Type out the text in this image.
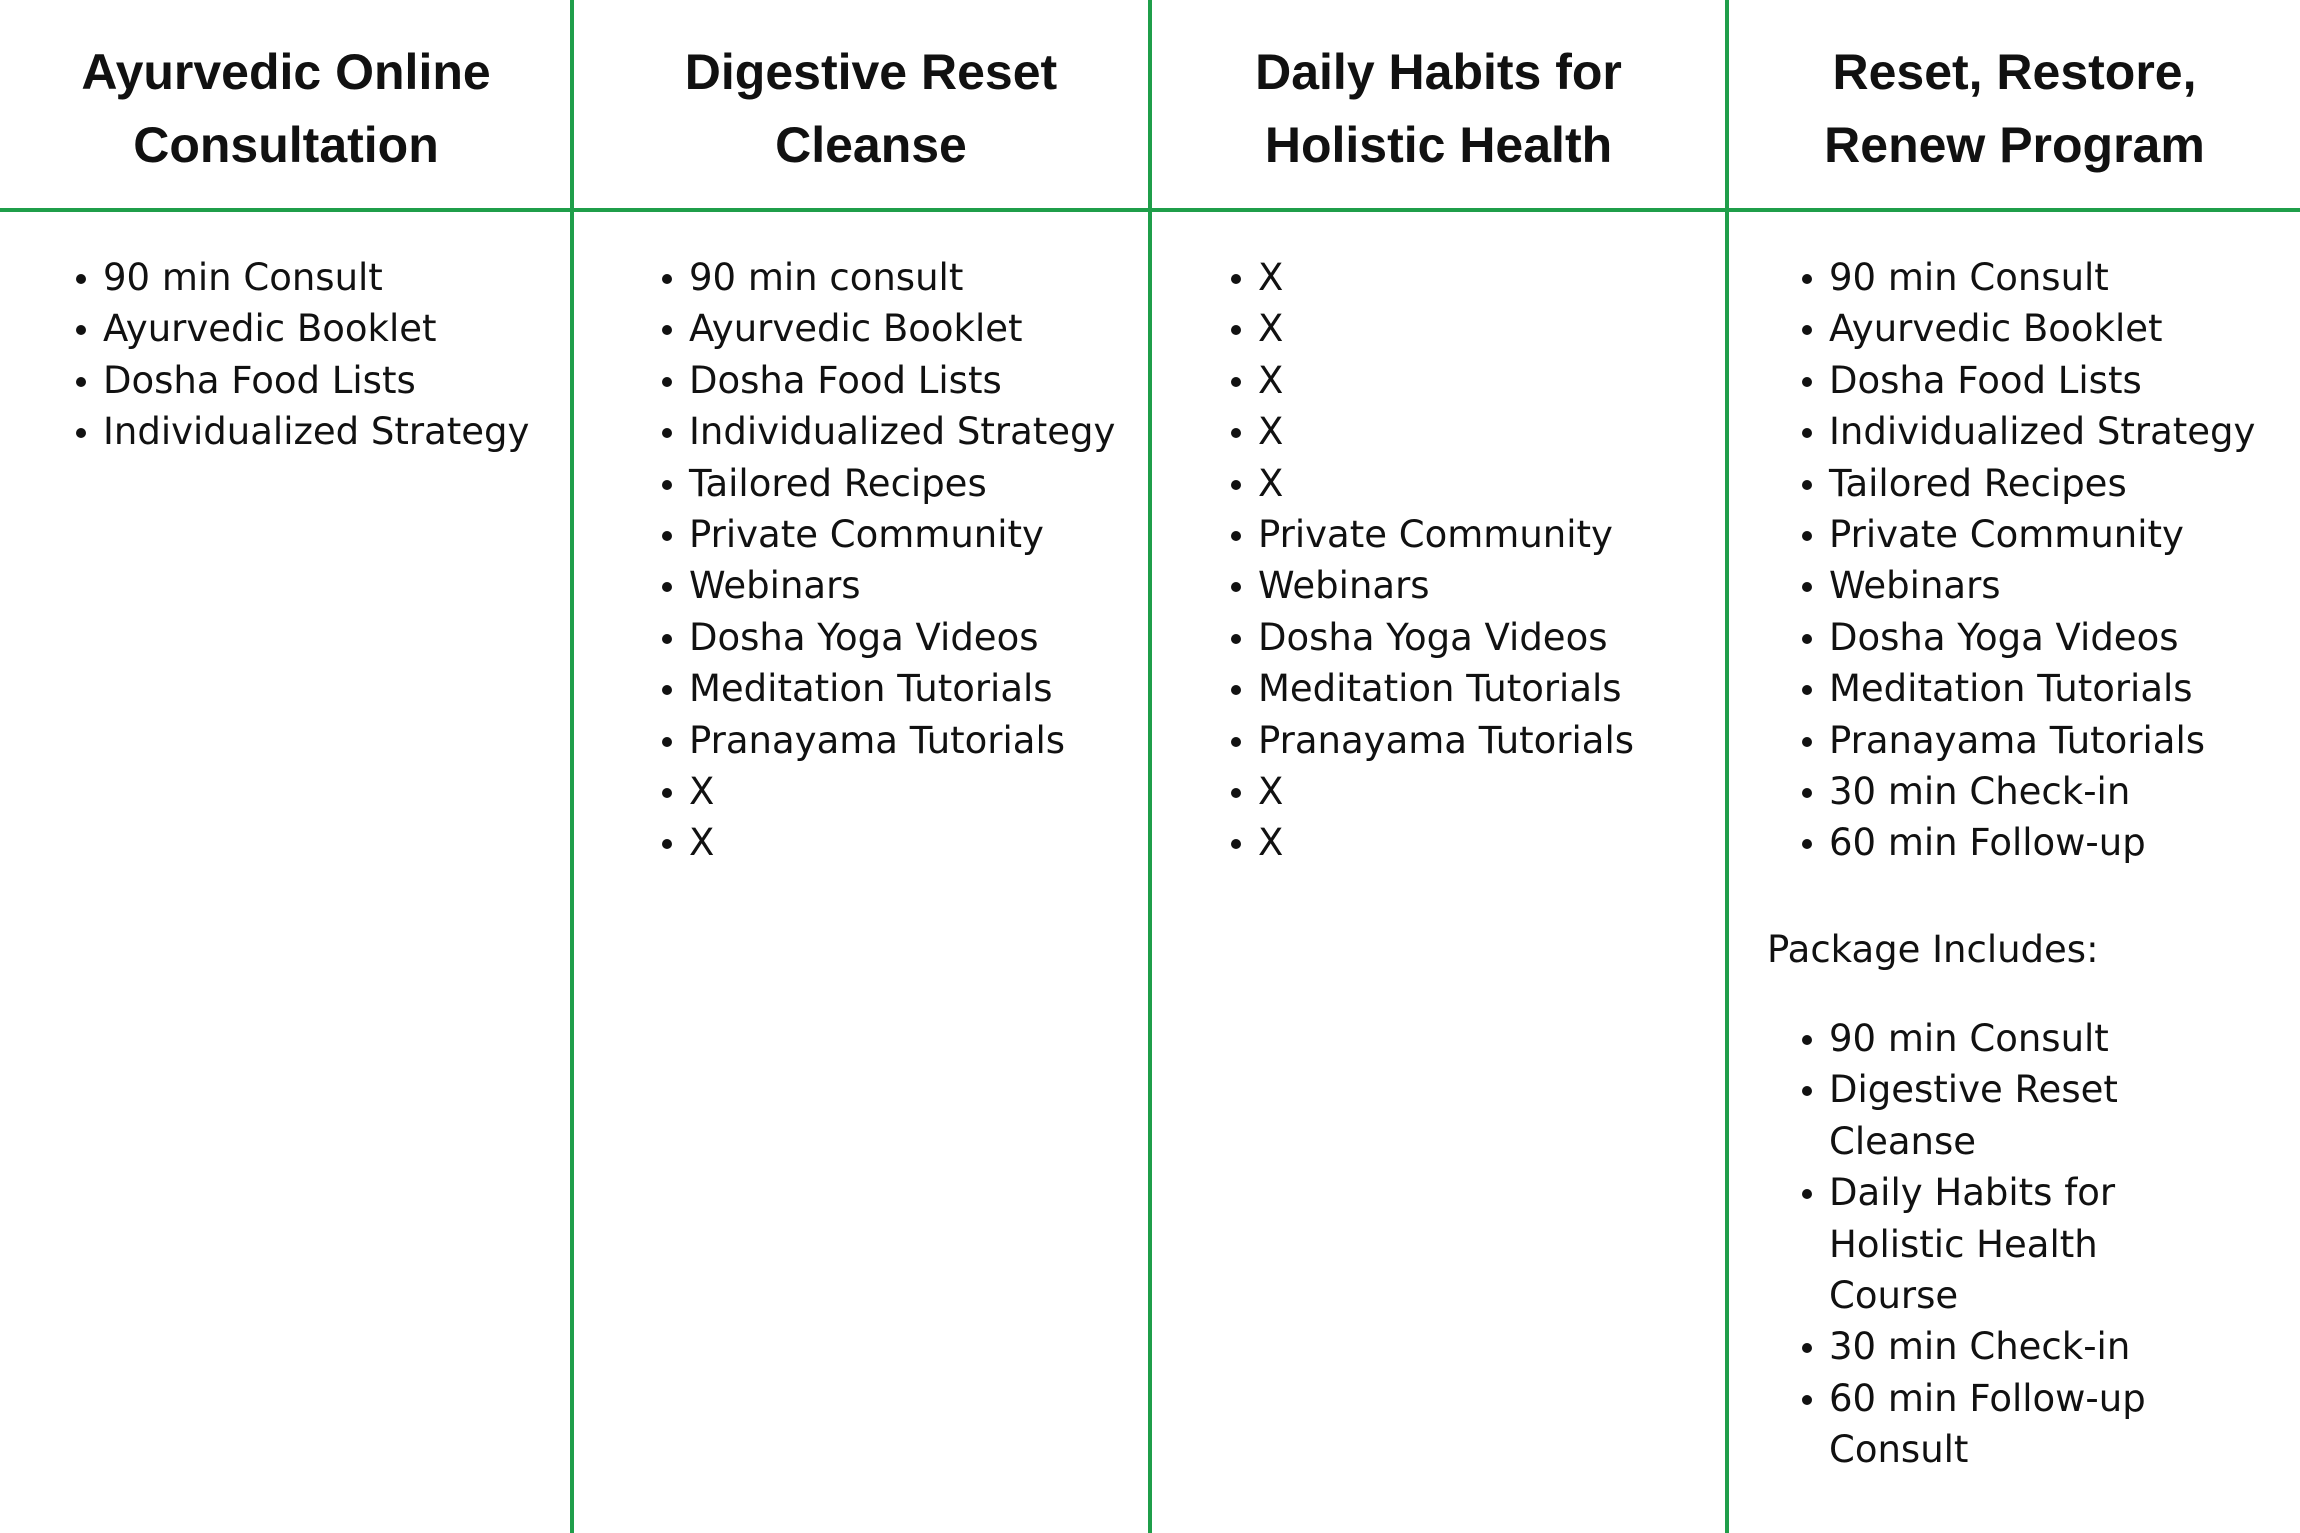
Ayurvedic Online
Consultation
Digestive Reset
Cleanse
Daily Habits for
Holistic Health
Reset, Restore,
Renew Program
90 min Consult
Ayurvedic Booklet
Dosha Food Lists
Individualized Strategy
90 min consult
Ayurvedic Booklet
Dosha Food Lists
Individualized Strategy
Tailored Recipes
Private Community
Webinars
Dosha Yoga Videos
Meditation Tutorials
Pranayama Tutorials
X
X
X
X
X
X
X
Private Community
Webinars
Dosha Yoga Videos
Meditation Tutorials
Pranayama Tutorials
X
X
90 min Consult
Ayurvedic Booklet
Dosha Food Lists
Individualized Strategy
Tailored Recipes
Private Community
Webinars
Dosha Yoga Videos
Meditation Tutorials
Pranayama Tutorials
30 min Check-in
60 min Follow-up
Package Includes:
90 min Consult
Digestive Reset Cleanse
Daily Habits for Holistic Health Course
30 min Check-in
60 min Follow-up Consult
